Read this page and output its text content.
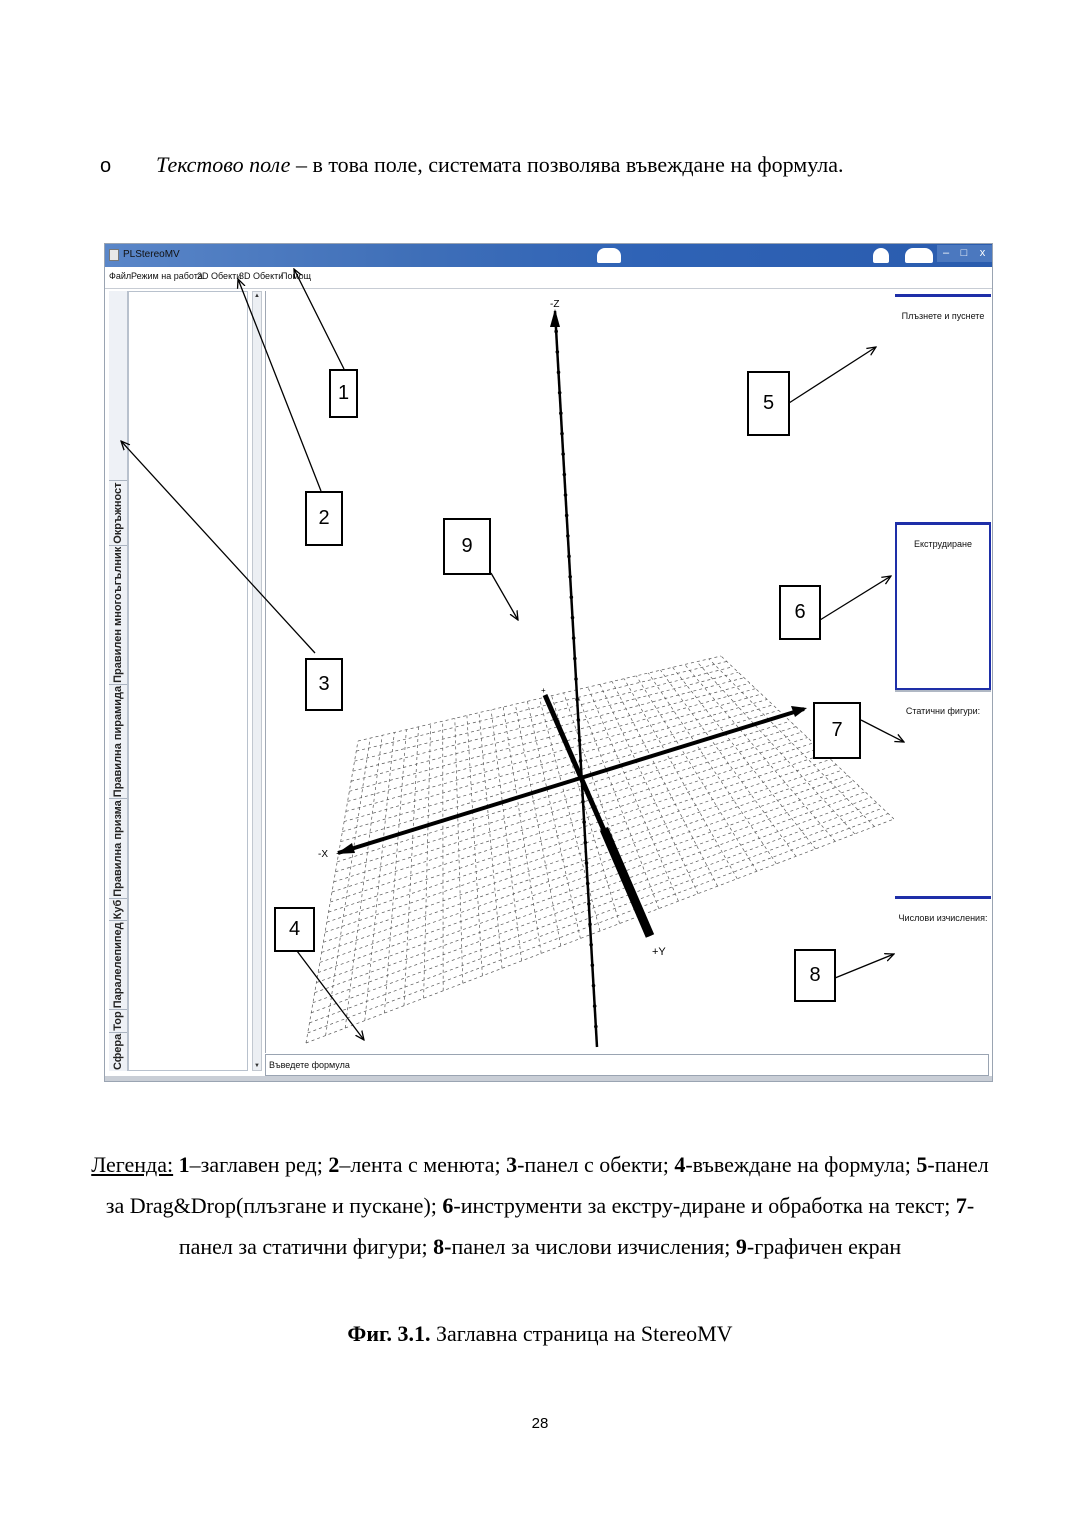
o Текстово поле – в това поле, системата позволява въвеждане на формула.
PLStereoMV	–	□	x
Файл Режим на работа
2D Обекти
3D Обекти
Помощ
СфераТорПаралелепипедКубПравилна призмаПравилна пирамидаПравилен многоъгълникОкръжност
▲
▼
-Z
-X
+Y
+
Плъзнете и пуснете
Екструдиране
Статични фигури:
Числови изчисления:
Въведете формула
1
2
3
4
5
6
7
8
9
Легенда: 1–заглавен ред; 2–лента с менюта; 3-панел с обекти; 4-въвеждане на формула; 5-панел за Drag&Drop(плъзгане и пускане); 6-инструменти за екстру-диране и обработка на текст; 7-панел за статични фигури; 8-панел за числови изчисления; 9-графичен екран
Фиг. 3.1. Заглавна страница на StereoMV
28
